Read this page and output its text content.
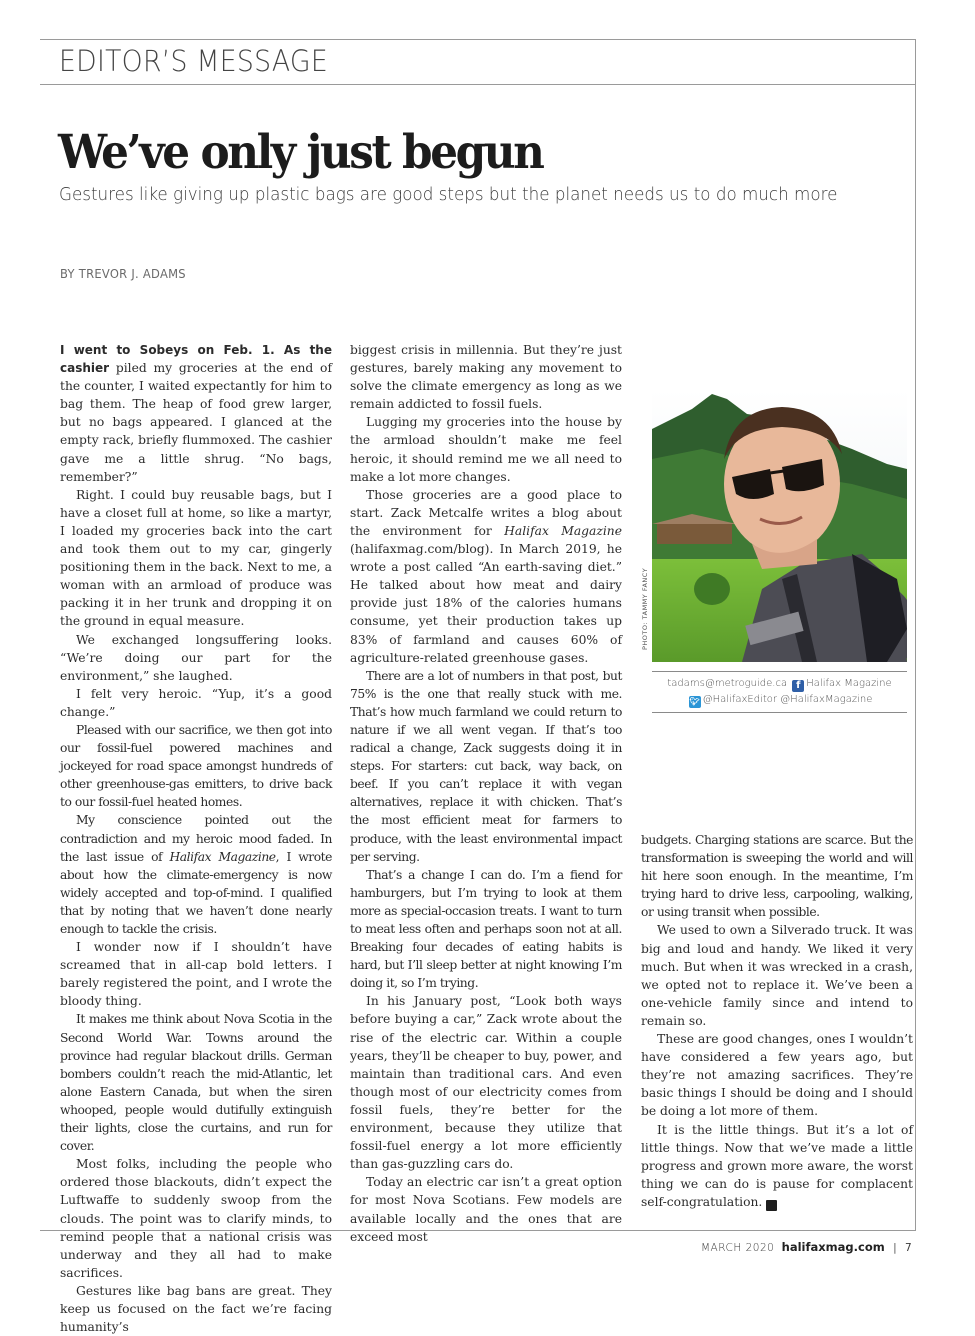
EDITOR’S MESSAGE
We’ve only just begun
Gestures like giving up plastic bags are good steps but the planet needs us to do much more
BY TREVOR J. ADAMS

I went to Sobeys on Feb. 1. As the cashier piled my groceries at the end of the counter, I waited expectantly for him to bag them. The heap of food grew larger, but no bags appeared. I glanced at the empty rack, briefly flummoxed. The cashier gave me a little shrug. “No bags, remember?”

Right. I could buy reusable bags, but I have a closet full at home, so like a martyr, I loaded my groceries back into the cart and took them out to my car, gingerly positioning them in the back. Next to me, a woman with an armload of produce was packing it in her trunk and dropping it on the ground in equal measure.

We exchanged longsuffering looks. “We’re doing our part for the environment,” she laughed.

I felt very heroic. “Yup, it’s a good change.”

Pleased with our sacrifice, we then got into our fossil-fuel powered machines and jockeyed for road space amongst hundreds of other greenhouse-gas emitters, to drive back to our fossil-fuel heated homes.

My conscience pointed out the contradiction and my heroic mood faded. In the last issue of Halifax Magazine, I wrote about how the climate-emergency is now widely accepted and top-of-mind. I qualified that by noting that we haven’t done nearly enough to tackle the crisis.

I wonder now if I shouldn’t have screamed that in all-cap bold letters. I barely registered the point, and I wrote the bloody thing.

It makes me think about Nova Scotia in the Second World War. Towns around the province had regular blackout drills. German bombers couldn’t reach the mid-Atlantic, let alone Eastern Canada, but when the siren whooped, people would dutifully extinguish their lights, close the curtains, and run for cover.

Most folks, including the people who ordered those blackouts, didn’t expect the Luftwaffe to suddenly swoop from the clouds. The point was to clarify minds, to remind people that a national crisis was underway and they all had to make sacrifices.

Gestures like bag bans are great. They keep us focused on the fact we’re facing humanity’s

biggest crisis in millennia. But they’re just gestures, barely making any movement to solve the climate emergency as long as we remain addicted to fossil fuels.

Lugging my groceries into the house by the armload shouldn’t make me feel heroic, it should remind me we all need to make a lot more changes.

Those groceries are a good place to start. Zack Metcalfe writes a blog about the environment for Halifax Magazine (halifaxmag.com/blog). In March 2019, he wrote a post called “An earth-saving diet.” He talked about how meat and dairy provide just 18% of the calories humans consume, yet their production takes up 83% of farmland and causes 60% of agriculture-related greenhouse gases.

There are a lot of numbers in that post, but 75% is the one that really stuck with me. That’s how much farmland we could return to nature if we all went vegan. If that’s too radical a change, Zack suggests doing it in steps. For starters: cut back, way back, on beef. If you can’t replace it with vegan alternatives, replace it with chicken. That’s the most efficient meat for farmers to produce, with the least environmental impact per serving.

That’s a change I can do. I’m a fiend for hamburgers, but I’m trying to look at them more as special-occasion treats. I want to turn to meat less often and perhaps soon not at all. Breaking four decades of eating habits is hard, but I’ll sleep better at night knowing I’m doing it, so I’m trying.

In his January post, “Look both ways before buying a car,” Zack wrote about the rise of the electric car. Within a couple years, they’ll be cheaper to buy, power, and maintain than traditional cars. And even though most of our electricity comes from fossil fuels, they’re better for the environment, because they utilize that fossil-fuel energy a lot more efficiently than gas-guzzling cars do.

Today an electric car isn’t a great option for most Nova Scotians. Few models are available locally and the ones that are exceed most

PHOTO: TAMMY FANCY
tadams@metroguide.ca f Halifax Magazine
🐦︎ @HalifaxEditor @HalifaxMagazine

budgets. Charging stations are scarce. But the transformation is sweeping the world and will hit here soon enough. In the meantime, I’m trying hard to drive less, carpooling, walking, or using transit when possible.

We used to own a Silverado truck. It was big and loud and handy. We liked it very much. But when it was wrecked in a crash, we opted not to replace it. We’ve been a one-vehicle family since and intend to remain so.

These are good changes, ones I wouldn’t have considered a few years ago, but they’re not amazing sacrifices. They’re basic things I should be doing and I should be doing a lot more of them.

It is the little things. But it’s a lot of little things. Now that we’ve made a little progress and grown more aware, the worst thing we can do is pause for complacent self-congratulation. H

MARCH 2020 halifaxmag.com | 7
